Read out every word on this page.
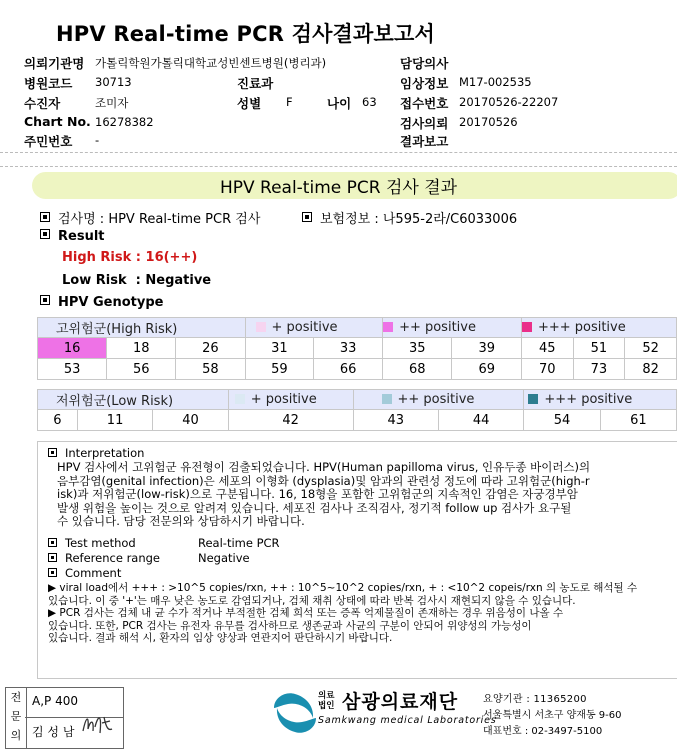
HPV Real-time PCR 검사결과보고서
의뢰기관명 가톨릭학원가톨릭대학교성빈센트병원(병리과)	담당의사
병원코드 30713	진료과	임상정보 M17-002535
수진자	조미자	성별 F	나이 63 접수번호 20170526-22207
Chart No. 16278382	검사의뢰 20170526
주민번호 -	결과보고
HPV Real-time PCR 검사 결과
검사명 : HPV Real-time PCR 검사	보험정보 : 나595-2라/C6033006
Result
High Risk : 16(++)
Low Risk  : Negative
HPV Genotype
고위험군(High Risk)			+ positive		++ positive		+++ positive		
16	18	26	31	33	35	39	45	51	52
53	56	58	59	66	68	69	70	73	82
저위험군(Low Risk)			+ positive	++ positive		+++ positive	
6	11	40	42	43	44	54	61
Interpretation
HPV 검사에서 고위험군 유전형이 검출되었습니다. HPV(Human papilloma virus, 인유두종 바이러스)의
음부감염(genital infection)은 세포의 이형화 (dysplasia)및 암과의 관련성 정도에 따라 고위험군(high-r
isk)과 저위험군(low-risk)으로 구분됩니다. 16, 18형을 포함한 고위험군의 지속적인 감염은 자궁경부암
발생 위험을 높이는 것으로 알려져 있습니다. 세포진 검사나 조직검사, 정기적 follow up 검사가 요구될
수 있습니다. 담당 전문의와 상담하시기 바랍니다.
Test method	Real-time PCR
Reference range	Negative
Comment
▶ viral load에서 +++ : >10^5 copies/rxn, ++ : 10^5~10^2 copies/rxn, + : <10^2 copeis/rxn 의 농도로 해석될 수
있습니다. 이 중 '+'는 매우 낮은 농도로 감염되거나, 검체 채취 상태에 따라 반복 검사시 재현되지 않을 수 있습니다.
▶ PCR 검사는 검체 내 균 수가 적거나 부적절한 검체 희석 또는 증폭 억제물질이 존재하는 경우 위음성이 나올 수
있습니다. 또한, PCR 검사는 유전자 유무를 검사하므로 생존균과 사균의 구분이 안되어 위양성의 가능성이
있습니다. 결과 해석 시, 환자의 임상 양상과 연관지어 판단하시기 바랍니다.
전
문
의
A,P 400
김 성 남
SML
의료법인 삼광의료재단
Samkwang medical Laboratories
요양기관 : 11365200
서울특별시 서초구 양재동 9-60
대표번호 : 02-3497-5100
